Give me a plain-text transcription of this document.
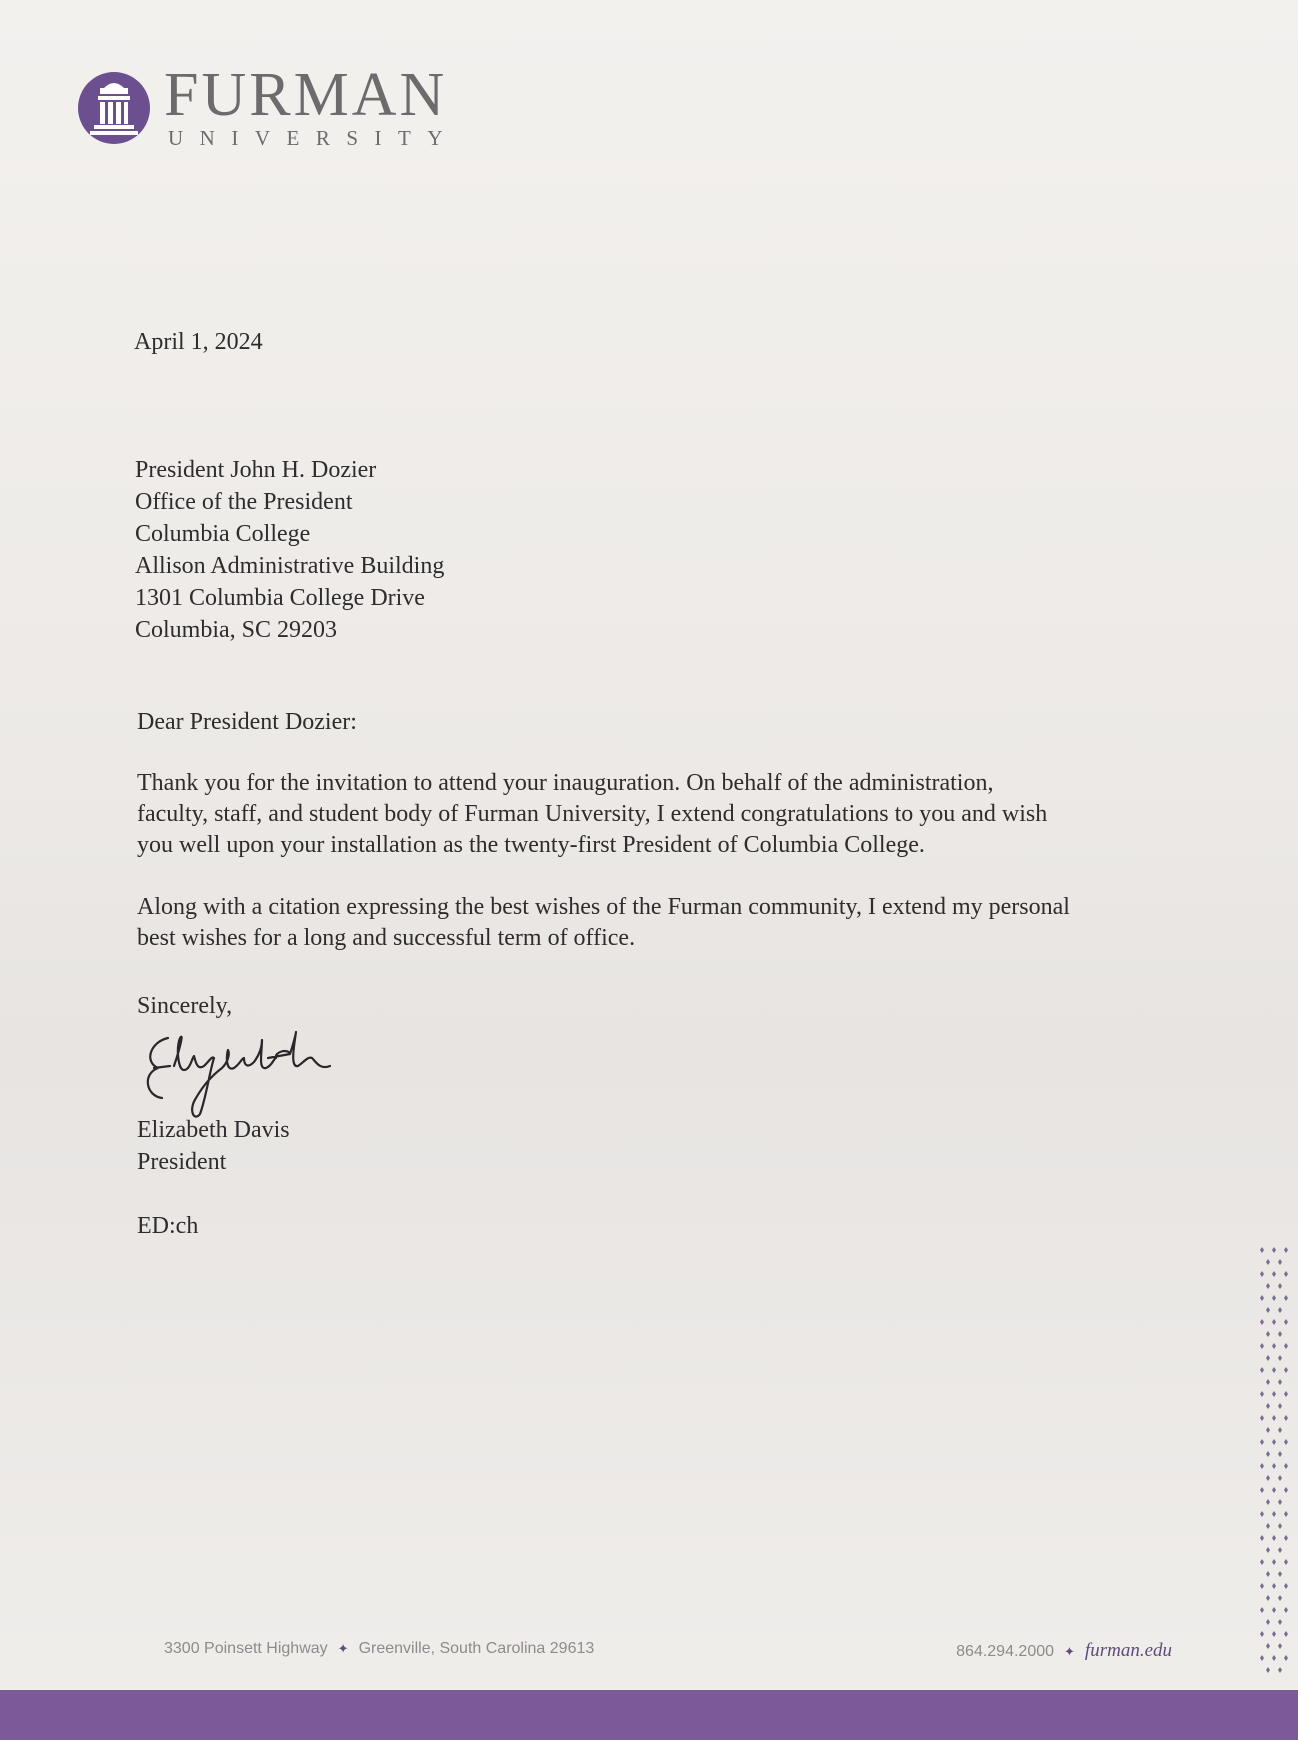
FURMAN
UNIVERSITY
April 1, 2024
President John H. Dozier
Office of the President
Columbia College
Allison Administrative Building
1301 Columbia College Drive
Columbia, SC 29203
Dear President Dozier:
Thank you for the invitation to attend your inauguration. On behalf of the administration,
faculty, staff, and student body of Furman University, I extend congratulations to you and wish
you well upon your installation as the twenty-first President of Columbia College.
Along with a citation expressing the best wishes of the Furman community, I extend my personal
best wishes for a long and successful term of office.
Sincerely,
Elizabeth Davis
President
ED:ch
3300 Poinsett Highway ✦ Greenville, South Carolina 29613	864.294.2000 ✦ furman.edu
